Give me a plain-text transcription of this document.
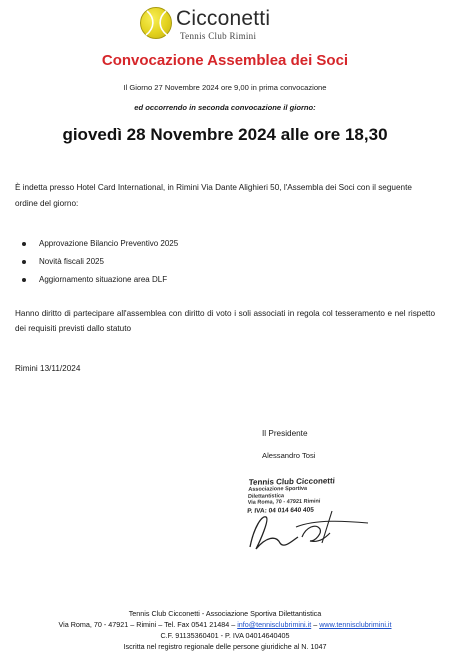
Cicconetti
Tennis Club Rimini
Convocazione Assemblea dei Soci
Il Giorno 27 Novembre 2024 ore 9,00 in prima convocazione
ed occorrendo in seconda convocazione il giorno:
giovedì 28 Novembre 2024 alle ore 18,30
È indetta presso Hotel Card International, in Rimini Via Dante Alighieri 50, l'Assembla dei Soci con il seguente ordine del giorno:
Approvazione Bilancio Preventivo 2025
Novità fiscali 2025
Aggiornamento situazione area DLF
Hanno diritto di partecipare all'assemblea con diritto di voto i soli associati in regola col tesseramento e nel rispetto dei requisiti previsti dallo statuto
Rimini 13/11/2024
Il Presidente
Alessandro Tosi
Tennis Club Cicconetti
Associazione Sportiva Dilettantistica
Via Roma, 70 - 47921 Rimini
P. IVA: 04 014 640 405
Tennis Club Cicconetti - Associazione Sportiva Dilettantistica
Via Roma, 70 - 47921 – Rimini – Tel. Fax 0541 21484 – info@tennisclubrimini.it – www.tennisclubrimini.it
C.F. 91135360401 - P. IVA 04014640405
Iscritta nel registro regionale delle persone giuridiche al N. 1047
